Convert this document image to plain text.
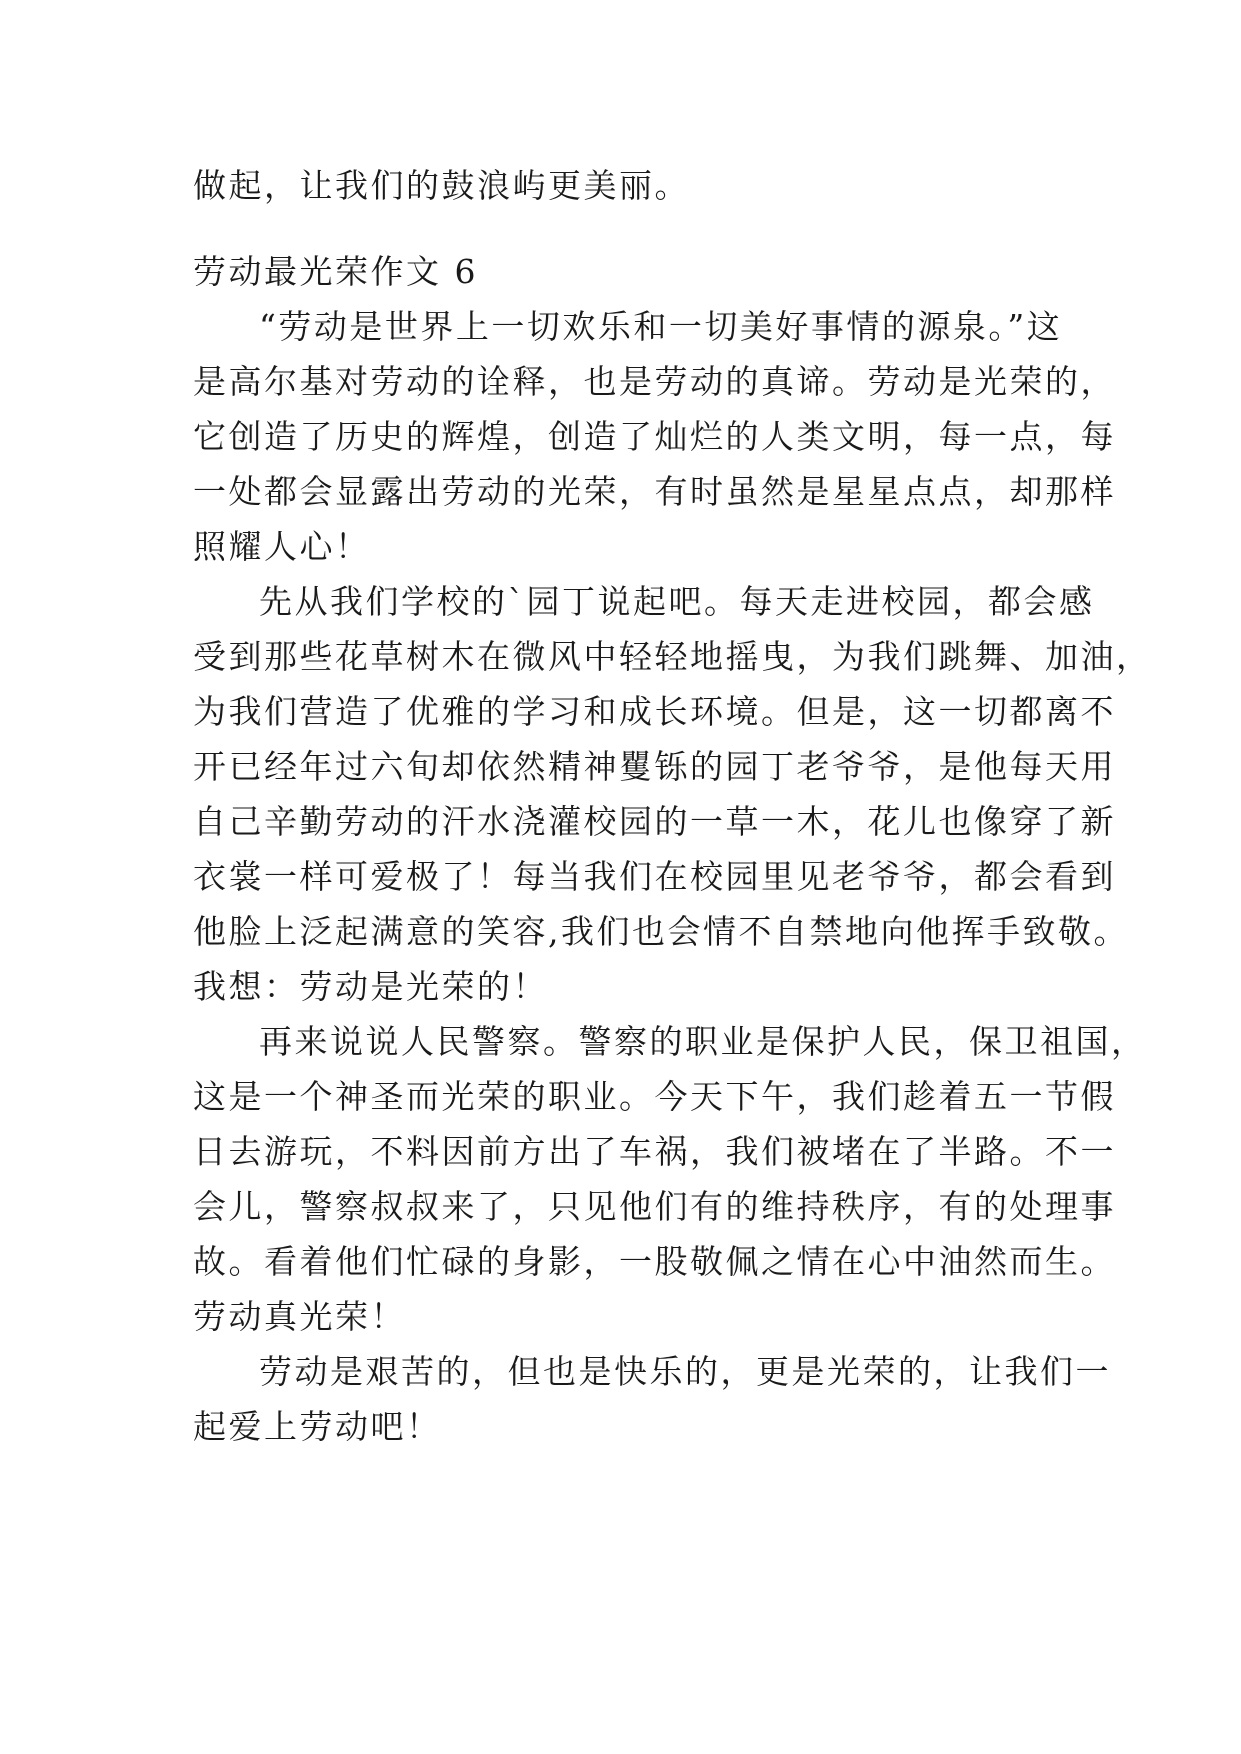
做起，让我们的鼓浪屿更美丽。
劳动最光荣作文 6
“劳动是世界上一切欢乐和一切美好事情的源泉。”这
是高尔基对劳动的诠释，也是劳动的真谛。劳动是光荣的，
它创造了历史的辉煌，创造了灿烂的人类文明，每一点，每
一处都会显露出劳动的光荣，有时虽然是星星点点，却那样
照耀人心！
先从我们学校的`园丁说起吧。每天走进校园，都会感
受到那些花草树木在微风中轻轻地摇曳，为我们跳舞、加油，
为我们营造了优雅的学习和成长环境。但是，这一切都离不
开已经年过六旬却依然精神矍铄的园丁老爷爷，是他每天用
自己辛勤劳动的汗水浇灌校园的一草一木，花儿也像穿了新
衣裳一样可爱极了！每当我们在校园里见老爷爷，都会看到
他脸上泛起满意的笑容,我们也会情不自禁地向他挥手致敬。
我想：劳动是光荣的！
再来说说人民警察。警察的职业是保护人民，保卫祖国，
这是一个神圣而光荣的职业。今天下午，我们趁着五一节假
日去游玩，不料因前方出了车祸，我们被堵在了半路。不一
会儿，警察叔叔来了，只见他们有的维持秩序，有的处理事
故。看着他们忙碌的身影，一股敬佩之情在心中油然而生。
劳动真光荣！
劳动是艰苦的，但也是快乐的，更是光荣的，让我们一
起爱上劳动吧！
